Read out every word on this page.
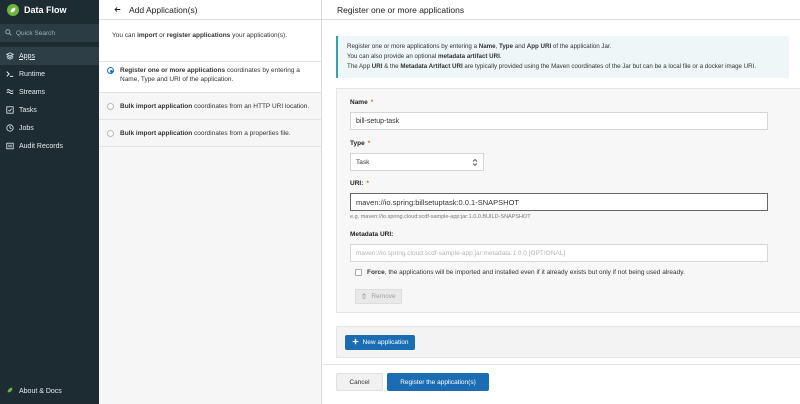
Data Flow
Quick Search
Apps
Runtime
Streams
Tasks
Jobs
Audit Records
About & Docs
Add Application(s)
You can import or register applications your application(s).
Register one or more applications coordinates by entering a Name, Type and URI of the application.
Bulk import application coordinates from an HTTP URI location.
Bulk import application coordinates from a properties file.
Register one or more applications
Register one or more applications by entering a Name, Type and App URI of the application Jar.
You can also provide an optional metadata artifact URI.
The App URI & the Metadata Artifact URI are typically provided using the Maven coordinates of the Jar but can be a local file or a docker image URI.
Name *
bill-setup-task
Type *
Task
URI: *
maven://io.spring:billsetuptask:0.0.1-SNAPSHOT
e.g. maven://io.spring.cloud:scdf-sample-app:jar:1.0.0.BUILD-SNAPSHOT
Metadata URI:
maven://io.spring.cloud:scdf-sample-app:jar:metadata:1.0.0 [OPTIONAL]
Force, the applications will be imported and installed even if it already exists but only if not being used already.
Remove
New application
Cancel	Register the application(s)
